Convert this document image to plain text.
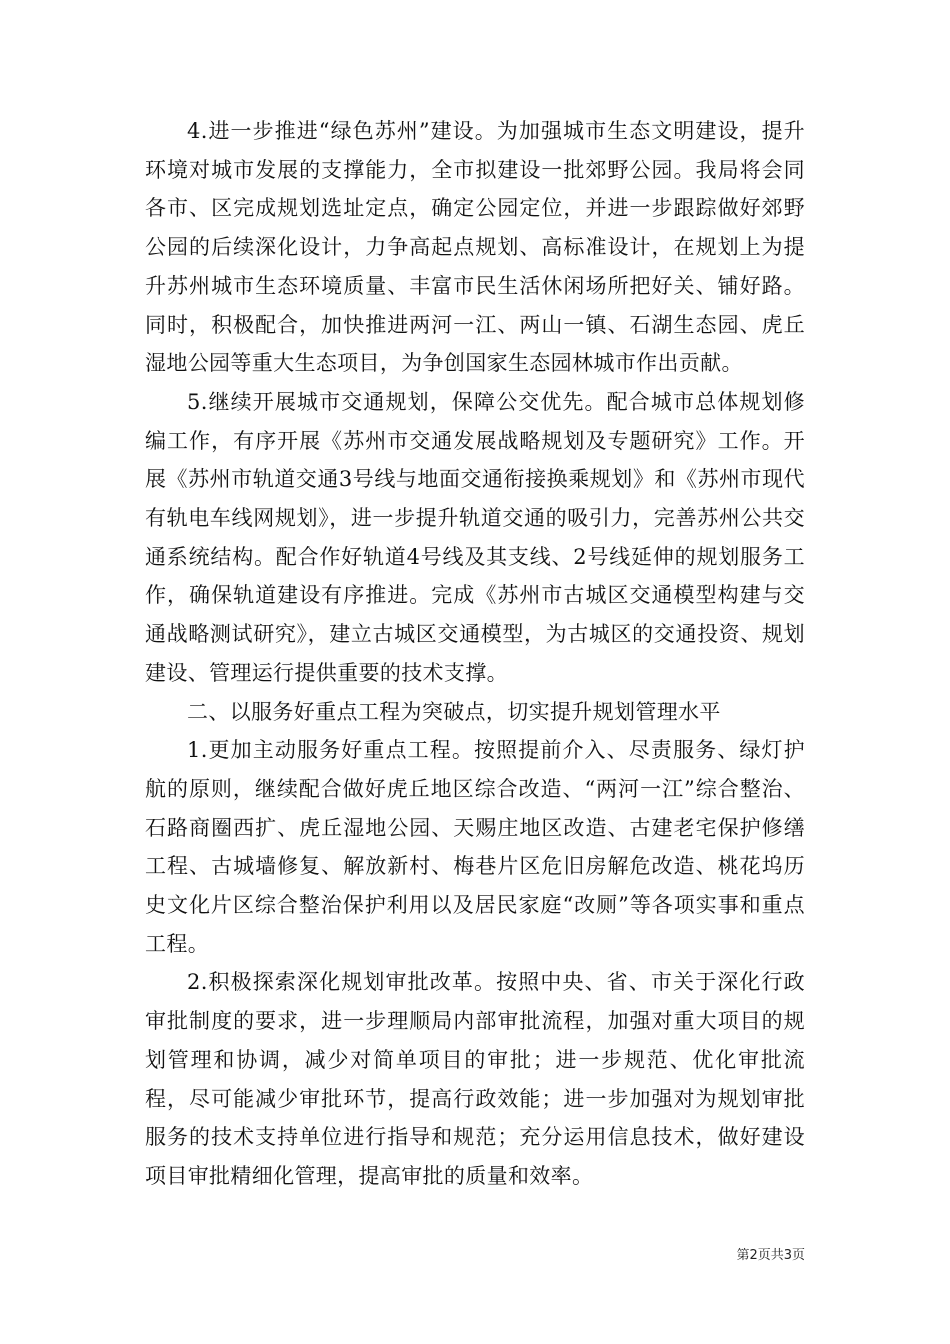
4.进一步推进“绿色苏州”建设。为加强城市生态文明建设，提升环境对城市发展的支撑能力，全市拟建设一批郊野公园。我局将会同各市、区完成规划选址定点，确定公园定位，并进一步跟踪做好郊野公园的后续深化设计，力争高起点规划、高标准设计，在规划上为提升苏州城市生态环境质量、丰富市民生活休闲场所把好关、铺好路。同时，积极配合，加快推进两河一江、两山一镇、石湖生态园、虎丘湿地公园等重大生态项目，为争创国家生态园林城市作出贡献。

5.继续开展城市交通规划，保障公交优先。配合城市总体规划修编工作，有序开展《苏州市交通发展战略规划及专题研究》工作。开展《苏州市轨道交通3号线与地面交通衔接换乘规划》和《苏州市现代有轨电车线网规划》，进一步提升轨道交通的吸引力，完善苏州公共交通系统结构。配合作好轨道4号线及其支线、2号线延伸的规划服务工作，确保轨道建设有序推进。完成《苏州市古城区交通模型构建与交通战略测试研究》，建立古城区交通模型，为古城区的交通投资、规划建设、管理运行提供重要的技术支撑。

二、以服务好重点工程为突破点，切实提升规划管理水平

1.更加主动服务好重点工程。按照提前介入、尽责服务、绿灯护航的原则，继续配合做好虎丘地区综合改造、“两河一江”综合整治、石路商圈西扩、虎丘湿地公园、天赐庄地区改造、古建老宅保护修缮工程、古城墙修复、解放新村、梅巷片区危旧房解危改造、桃花坞历史文化片区综合整治保护利用以及居民家庭“改厕”等各项实事和重点工程。

2.积极探索深化规划审批改革。按照中央、省、市关于深化行政审批制度的要求，进一步理顺局内部审批流程，加强对重大项目的规划管理和协调，减少对简单项目的审批；进一步规范、优化审批流程，尽可能减少审批环节，提高行政效能；进一步加强对为规划审批服务的技术支持单位进行指导和规范；充分运用信息技术，做好建设项目审批精细化管理，提高审批的质量和效率。

第2页共3页
